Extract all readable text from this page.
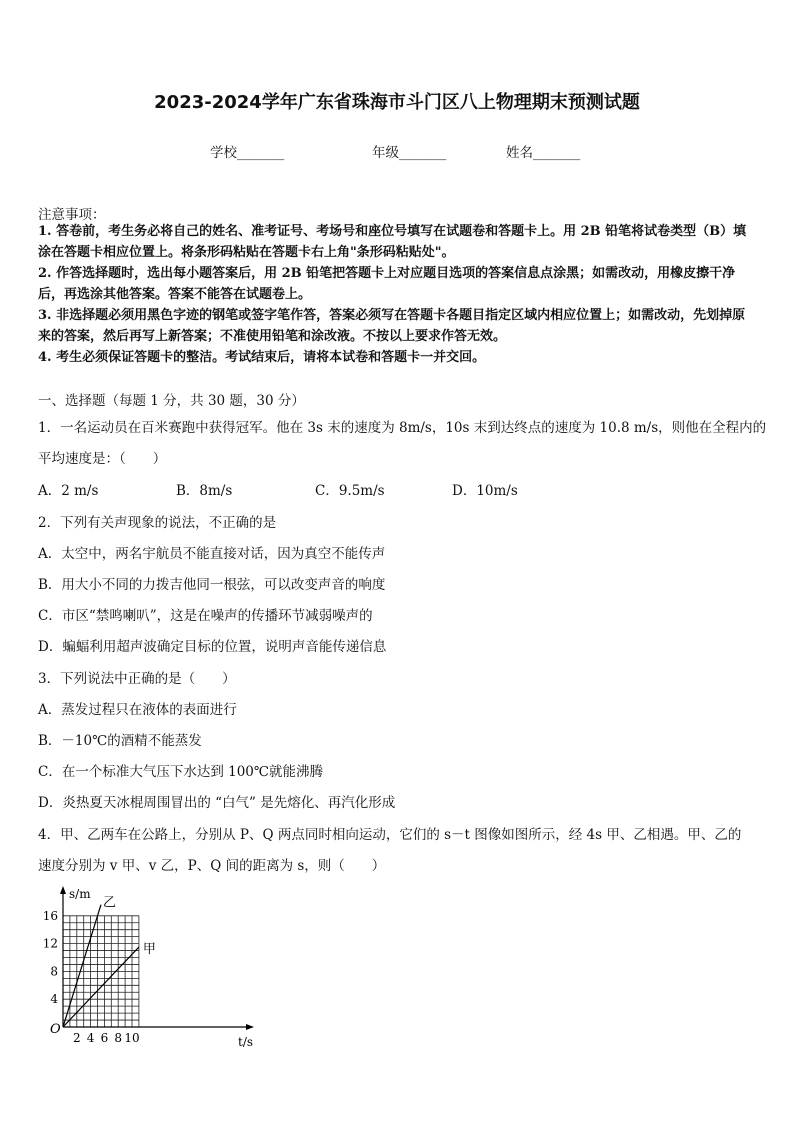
2023-2024学年广东省珠海市斗门区八上物理期末预测试题
学校_______	年级_______	姓名_______
注意事项：
1. 答卷前，考生务必将自己的姓名、准考证号、考场号和座位号填写在试题卷和答题卡上。用 2B 铅笔将试卷类型（B）填涂在答题卡相应位置上。将条形码粘贴在答题卡右上角"条形码粘贴处"。
2. 作答选择题时，选出每小题答案后，用 2B 铅笔把答题卡上对应题目选项的答案信息点涂黑；如需改动，用橡皮擦干净后，再选涂其他答案。答案不能答在试题卷上。
3. 非选择题必须用黑色字迹的钢笔或签字笔作答，答案必须写在答题卡各题目指定区域内相应位置上；如需改动，先划掉原来的答案，然后再写上新答案；不准使用铅笔和涂改液。不按以上要求作答无效。
4. 考生必须保证答题卡的整洁。考试结束后，请将本试卷和答题卡一并交回。
一、选择题（每题 1 分，共 30 题，30 分）
1．一名运动员在百米赛跑中获得冠军。他在 3s 末的速度为 8m/s，10s 末到达终点的速度为 10.8 m/s，则他在全程内的
平均速度是：（　　）
A．2 m/s	B．8m/s	C．9.5m/s	D．10m/s
2．下列有关声现象的说法，不正确的是
A．太空中，两名宇航员不能直接对话，因为真空不能传声
B．用大小不同的力拨吉他同一根弦，可以改变声音的响度
C．市区“禁鸣喇叭”，这是在噪声的传播环节减弱噪声的
D．蝙蝠利用超声波确定目标的位置，说明声音能传递信息
3．下列说法中正确的是（　　）
A．蒸发过程只在液体的表面进行
B．－10℃的酒精不能蒸发
C．在一个标准大气压下水达到 100℃就能沸腾
D．炎热夏天冰棍周围冒出的 “白气” 是先熔化、再汽化形成
4．甲、乙两车在公路上，分别从 P、Q 两点同时相向运动，它们的 s－t 图像如图所示，经 4s 甲、乙相遇。甲、乙的
速度分别为 v 甲、v 乙，P、Q 间的距离为 s，则（　　）
s/m
t/s
O
2 4 6 8 10
4
8
12
16
乙
甲
